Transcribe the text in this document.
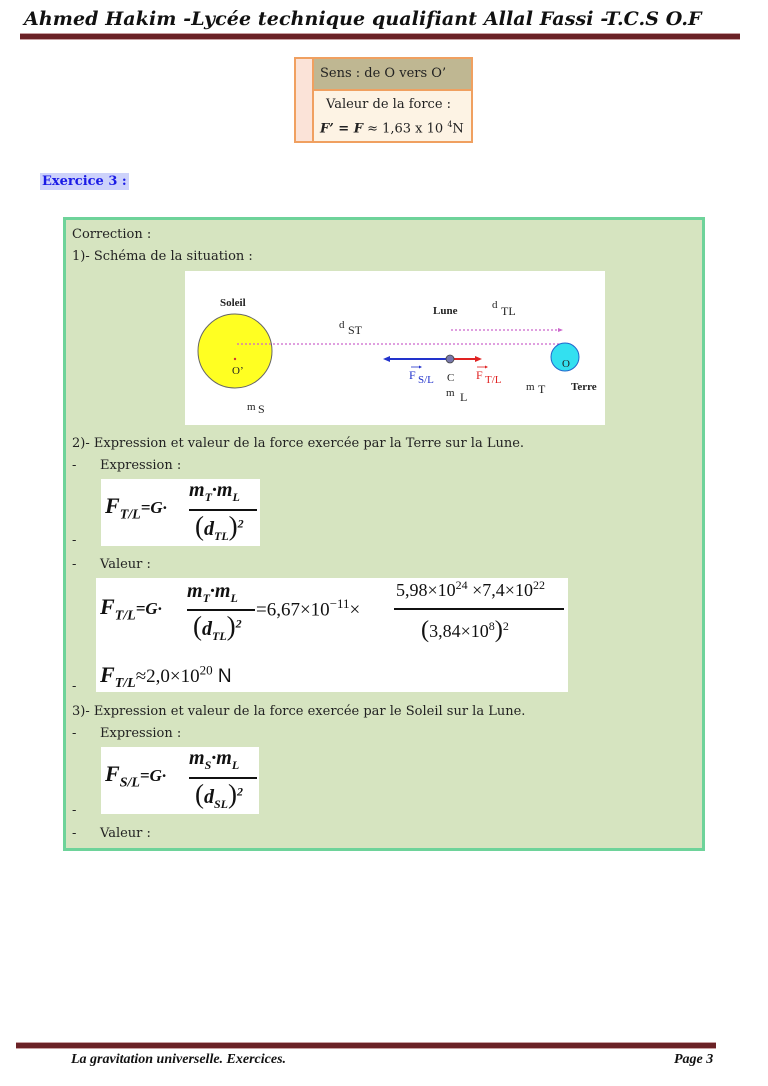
Ahmed Hakim -Lycée technique qualifiant Allal Fassi -T.C.S O.F
Sens : de O vers O’
Valeur de la force :
F’ = F ≈ 1,63 x 10 $^4$N
Exercice 3 :
Correction :
1)- Schéma de la situation :
Soleil
Lune
Terre
O’
O
C
m S
d ST
d TL
m L
m T
F S/L	F T/L
2)- Expression et valeur de la force exercée par la Terre sur la Lune.
- Expression :
$F_{T/L}=G\cdot$
$m_T\cdot m_L$
$(d_{TL})^2$
-
- Valeur :
$F_{T/L}=G\cdot$
$m_T\cdot m_L$
$(d_{TL})^2$
$=6,67\times 10^{-11}\times$
$5,98\times 10^{24} \times 7,4\times 10^{22}$
$(3,84\times 10^8)^2$
$F_{T/L}\approx 2,0\times 10^{20}$ N
-
3)- Expression et valeur de la force exercée par le Soleil sur la Lune.
- Expression :
$F_{S/L}=G\cdot$
$m_S\cdot m_L$
$(d_{SL})^2$
-
- Valeur :
La gravitation universelle. Exercices.	Page 3
